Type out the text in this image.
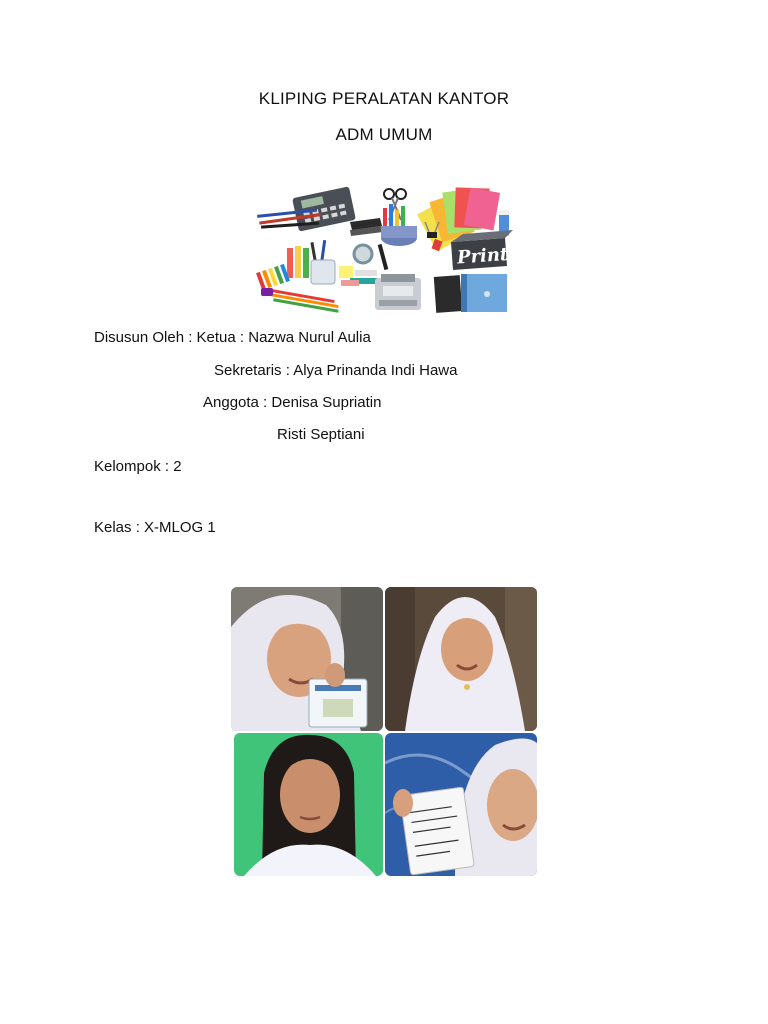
KLIPING PERALATAN KANTOR
ADM UMUM
Print
Disusun Oleh : Ketua : Nazwa Nurul Aulia
Sekretaris : Alya Prinanda Indi Hawa
Anggota : Denisa Supriatin
Risti Septiani
Kelompok : 2
Kelas : X-MLOG 1
